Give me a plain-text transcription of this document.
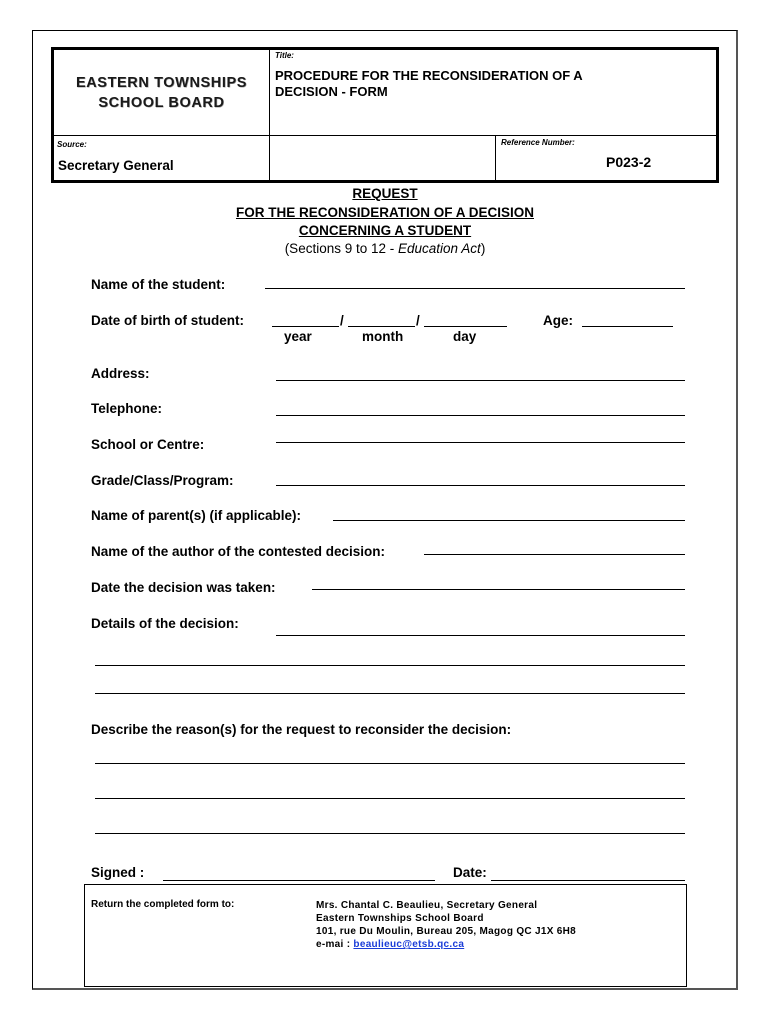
EASTERN TOWNSHIPS
SCHOOL BOARD
Title:
PROCEDURE FOR THE RECONSIDERATION OF A
DECISION - FORM
Source:
Secretary General
Reference Number:
P023-2
REQUEST
FOR THE RECONSIDERATION OF A DECISION
CONCERNING A STUDENT
(Sections 9 to 12 - Education Act)
Name of the student:
Date of birth of student:	/	/
year	month	day
Age:
Address:
Telephone:
School or Centre:
Grade/Class/Program:
Name of parent(s) (if applicable):
Name of the author of the contested decision:
Date the decision was taken:
Details of the decision:
Describe the reason(s) for the request to reconsider the decision:
Signed :	Date:
Return the completed form to:	Mrs. Chantal C. Beaulieu, Secretary General
Eastern Townships School Board
101, rue Du Moulin, Bureau 205, Magog QC J1X 6H8
e-mai : beaulieuc@etsb.qc.ca
